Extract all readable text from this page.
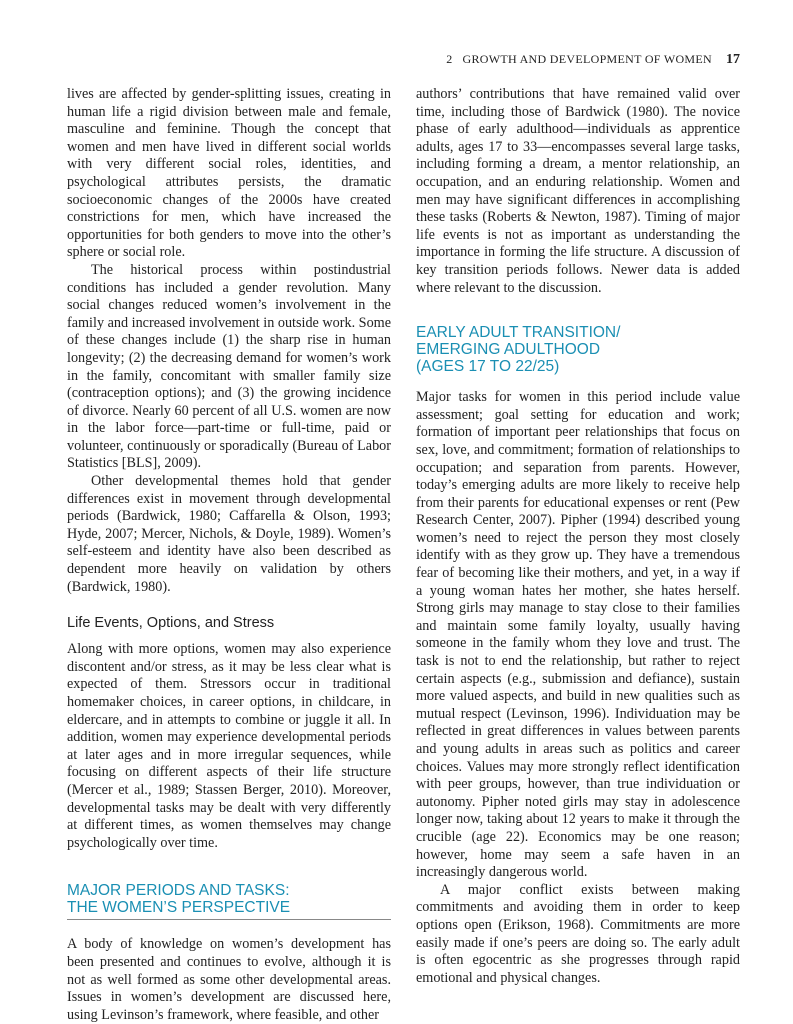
2   GROWTH AND DEVELOPMENT OF WOMEN 17

lives are affected by gender-splitting issues, creating in human life a rigid division between male and female, masculine and feminine. Though the concept that women and men have lived in different social worlds with very different social roles, identities, and psychological attributes persists, the dramatic socioeconomic changes of the 2000s have created constrictions for men, which have increased the opportunities for both genders to move into the other’s sphere or social role.

The historical process within postindustrial conditions has included a gender revolution. Many social changes reduced women’s involvement in the family and increased involvement in outside work. Some of these changes include (1) the sharp rise in human longevity; (2) the decreasing demand for women’s work in the family, concomitant with smaller family size (contraception options); and (3) the growing incidence of divorce. Nearly 60 percent of all U.S. women are now in the labor force—part-time or full-time, paid or volunteer, continuously or sporadically (Bureau of Labor Statistics [BLS], 2009).

Other developmental themes hold that gender differences exist in movement through developmental periods (Bardwick, 1980; Caffarella & Olson, 1993; Hyde, 2007; Mercer, Nichols, & Doyle, 1989). Women’s self-esteem and identity have also been described as dependent more heavily on validation by others (Bardwick, 1980).

Life Events, Options, and Stress

Along with more options, women may also experience discontent and/or stress, as it may be less clear what is expected of them. Stressors occur in traditional homemaker choices, in career options, in childcare, in eldercare, and in attempts to combine or juggle it all. In addition, women may experience developmental periods at later ages and in more irregular sequences, while focusing on different aspects of their life structure (Mercer et al., 1989; Stassen Berger, 2010). Moreover, developmental tasks may be dealt with very differently at different times, as women themselves may change psychologically over time.

MAJOR PERIODS AND TASKS:
THE WOMEN’S PERSPECTIVE

A body of knowledge on women’s development has been presented and continues to evolve, although it is not as well formed as some other developmental areas. Issues in women’s development are discussed here, using Levinson’s framework, where feasible, and other

authors’ contributions that have remained valid over time, including those of Bardwick (1980). The novice phase of early adulthood—individuals as apprentice adults, ages 17 to 33—encompasses several large tasks, including forming a dream, a mentor relationship, an occupation, and an enduring relationship. Women and men may have significant differences in accomplishing these tasks (Roberts & Newton, 1987). Timing of major life events is not as important as understanding the importance in forming the life structure. A discussion of key transition periods follows. Newer data is added where relevant to the discussion.

EARLY ADULT TRANSITION/
EMERGING ADULTHOOD
(AGES 17 TO 22/25)

Major tasks for women in this period include value assessment; goal setting for education and work; formation of important peer relationships that focus on sex, love, and commitment; formation of relationships to occupation; and separation from parents. However, today’s emerging adults are more likely to receive help from their parents for educational expenses or rent (Pew Research Center, 2007). Pipher (1994) described young women’s need to reject the person they most closely identify with as they grow up. They have a tremendous fear of becoming like their mothers, and yet, in a way if a young woman hates her mother, she hates herself. Strong girls may manage to stay close to their families and maintain some family loyalty, usually having someone in the family whom they love and trust. The task is not to end the relationship, but rather to reject certain aspects (e.g., submission and defiance), sustain more valued aspects, and build in new qualities such as mutual respect (Levinson, 1996). Individuation may be reflected in great differences in values between parents and young adults in areas such as politics and career choices. Values may more strongly reflect identification with peer groups, however, than true individuation or autonomy. Pipher noted girls may stay in adolescence longer now, taking about 12 years to make it through the crucible (age 22). Economics may be one reason; however, home may seem a safe haven in an increasingly dangerous world.

A major conflict exists between making commitments and avoiding them in order to keep options open (Erikson, 1968). Commitments are more easily made if one’s peers are doing so. The early adult is often egocentric as she progresses through rapid emotional and physical changes.
